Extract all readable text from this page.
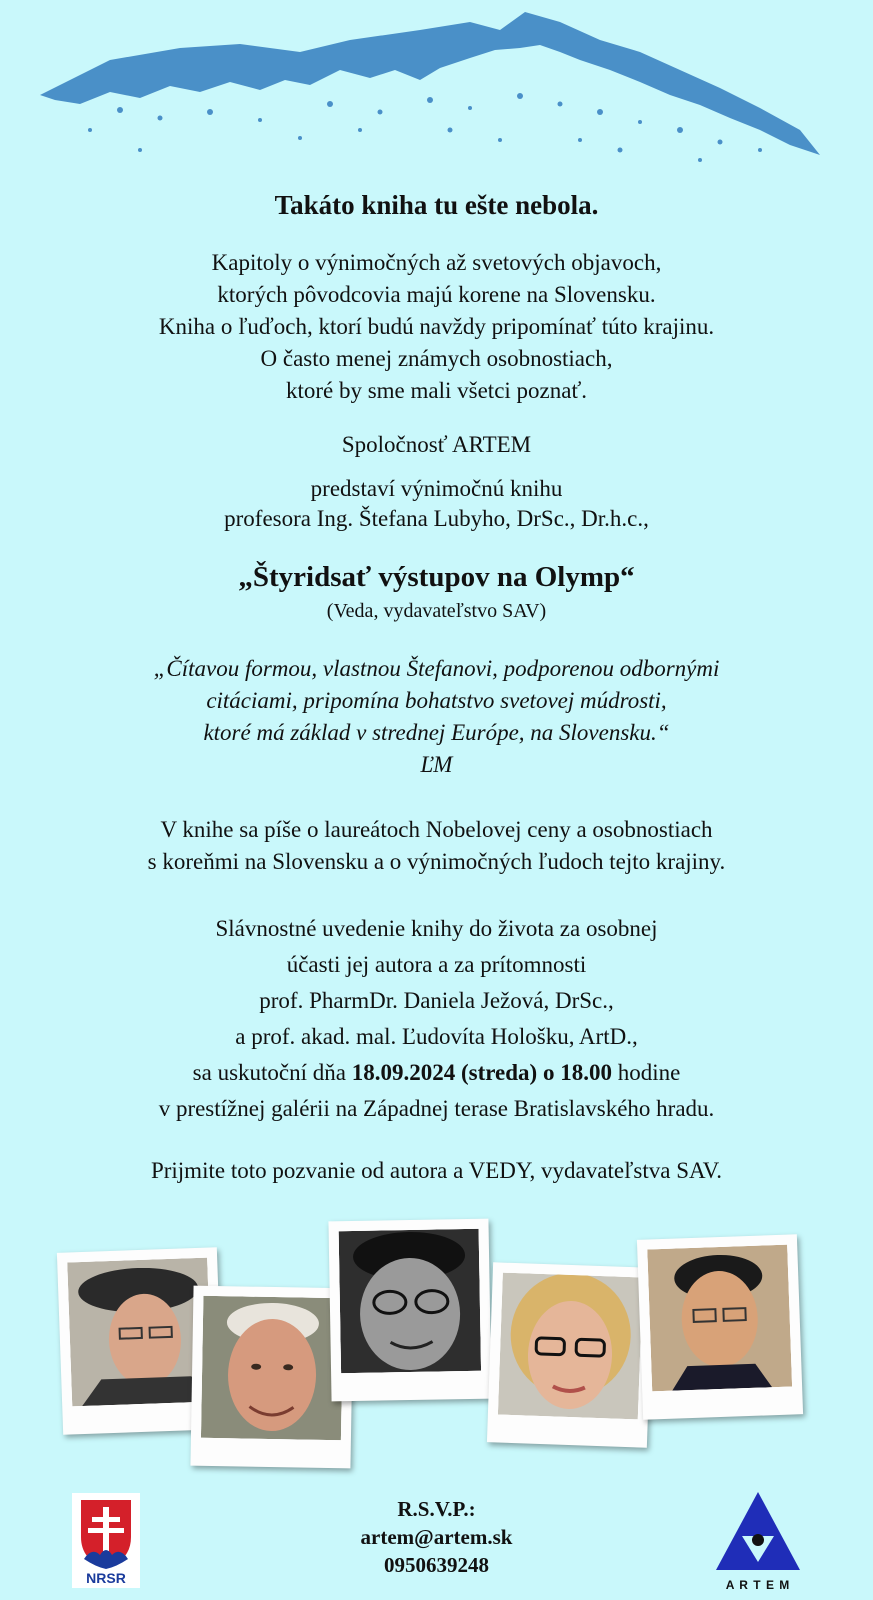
Takáto kniha tu ešte nebola.
Kapitoly o výnimočných až svetových objavoch,
ktorých pôvodcovia majú korene na Slovensku.
Kniha o ľuďoch, ktorí budú navždy pripomínať túto krajinu.
O často menej známych osobnostiach,
ktoré by sme mali všetci poznať.
Spoločnosť ARTEM
predstaví výnimočnú knihu
profesora Ing. Štefana Lubyho, DrSc., Dr.h.c.,
„Štyridsať výstupov na Olymp“
(Veda, vydavateľstvo SAV)
„Čítavou formou, vlastnou Štefanovi, podporenou odbornými
citáciami, pripomína bohatstvo svetovej múdrosti,
ktoré má základ v strednej Európe, na Slovensku.“
ĽM
V knihe sa píše o laureátoch Nobelovej ceny a osobnostiach
s koreňmi na Slovensku a o výnimočných ľudoch tejto krajiny.
Slávnostné uvedenie knihy do života za osobnej
účasti jej autora a za prítomnosti
prof. PharmDr. Daniela Ježová, DrSc.,
a prof. akad. mal. Ľudovíta Hološku, ArtD.,
sa uskutoční dňa 18.09.2024 (streda) o 18.00 hodine
v prestížnej galérii na Západnej terase Bratislavského hradu.
Prijmite toto pozvanie od autora a VEDY, vydavateľstva SAV.
NRSR
R.S.V.P.:
artem@artem.sk
0950639248
A R T E M
